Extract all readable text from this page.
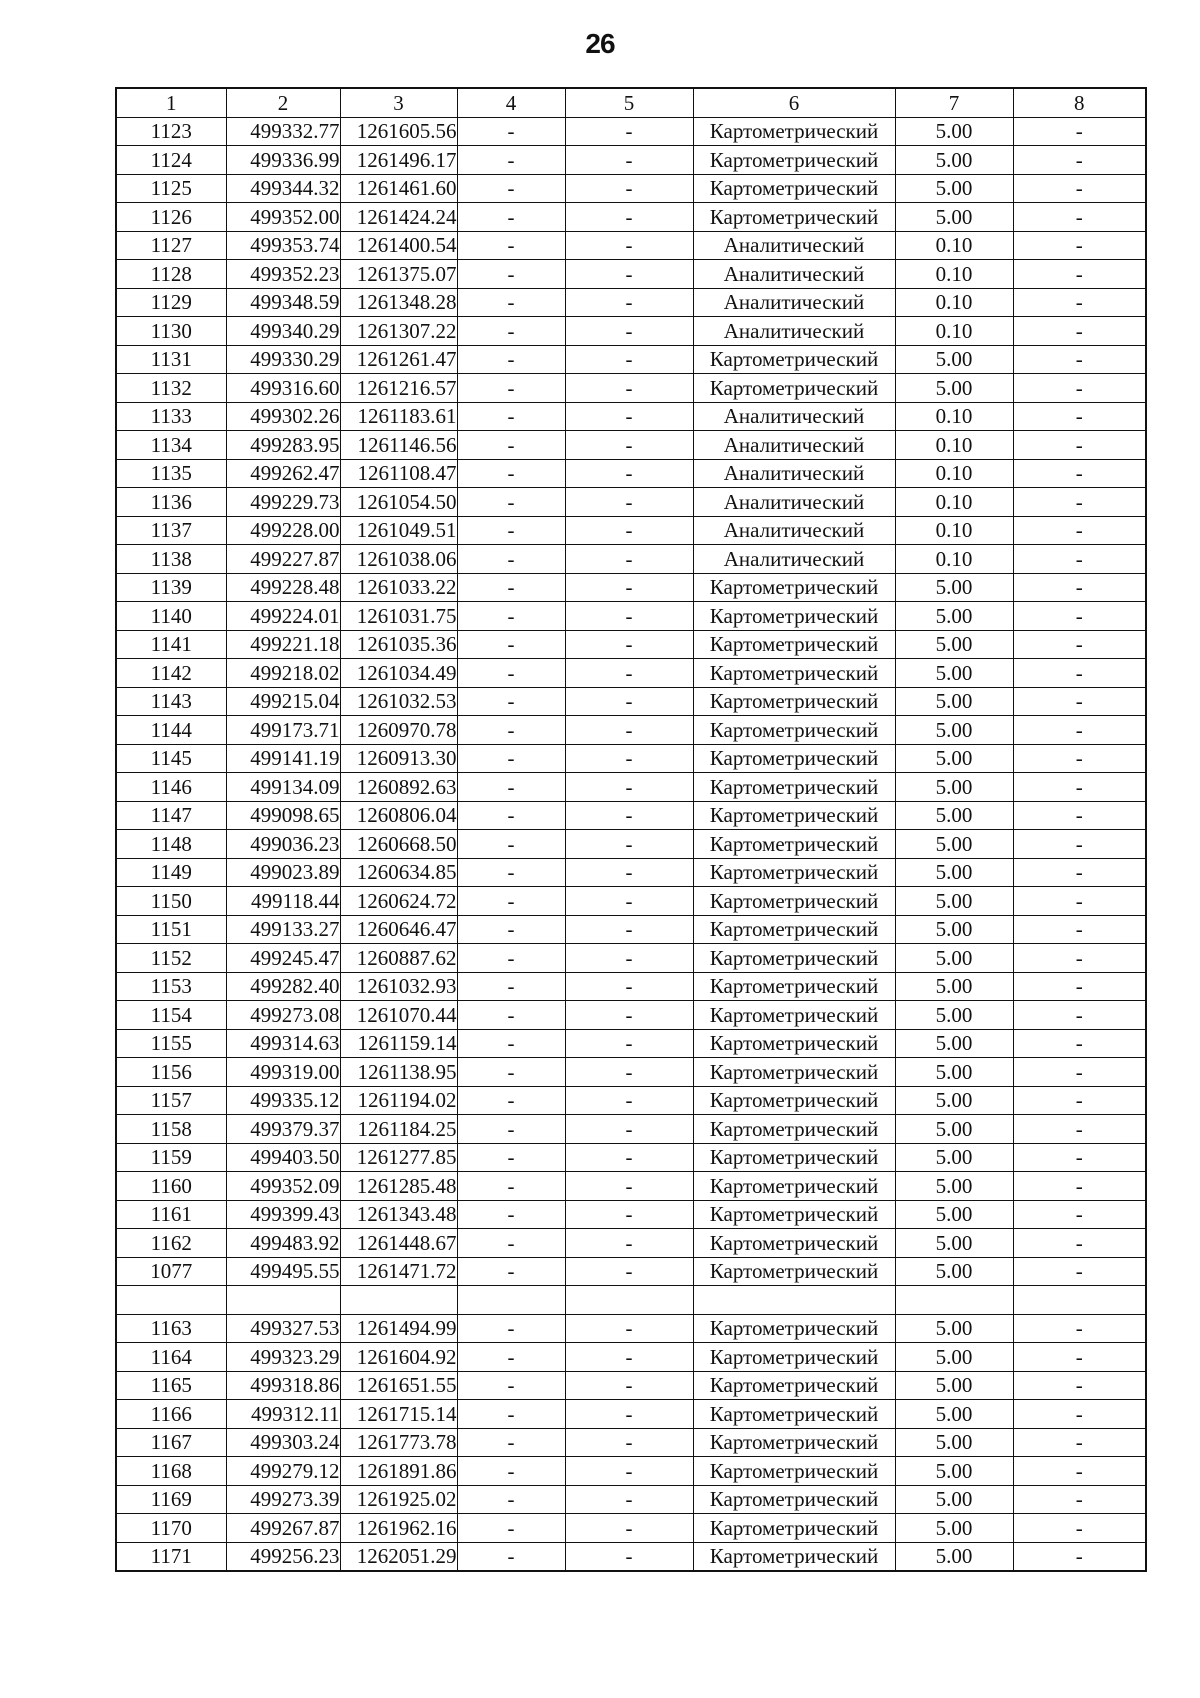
26
1	2	3	4	5	6	7	8
1123	499332.77	1261605.56	-	-	Картометрический	5.00	-
1124	499336.99	1261496.17	-	-	Картометрический	5.00	-
1125	499344.32	1261461.60	-	-	Картометрический	5.00	-
1126	499352.00	1261424.24	-	-	Картометрический	5.00	-
1127	499353.74	1261400.54	-	-	Аналитический	0.10	-
1128	499352.23	1261375.07	-	-	Аналитический	0.10	-
1129	499348.59	1261348.28	-	-	Аналитический	0.10	-
1130	499340.29	1261307.22	-	-	Аналитический	0.10	-
1131	499330.29	1261261.47	-	-	Картометрический	5.00	-
1132	499316.60	1261216.57	-	-	Картометрический	5.00	-
1133	499302.26	1261183.61	-	-	Аналитический	0.10	-
1134	499283.95	1261146.56	-	-	Аналитический	0.10	-
1135	499262.47	1261108.47	-	-	Аналитический	0.10	-
1136	499229.73	1261054.50	-	-	Аналитический	0.10	-
1137	499228.00	1261049.51	-	-	Аналитический	0.10	-
1138	499227.87	1261038.06	-	-	Аналитический	0.10	-
1139	499228.48	1261033.22	-	-	Картометрический	5.00	-
1140	499224.01	1261031.75	-	-	Картометрический	5.00	-
1141	499221.18	1261035.36	-	-	Картометрический	5.00	-
1142	499218.02	1261034.49	-	-	Картометрический	5.00	-
1143	499215.04	1261032.53	-	-	Картометрический	5.00	-
1144	499173.71	1260970.78	-	-	Картометрический	5.00	-
1145	499141.19	1260913.30	-	-	Картометрический	5.00	-
1146	499134.09	1260892.63	-	-	Картометрический	5.00	-
1147	499098.65	1260806.04	-	-	Картометрический	5.00	-
1148	499036.23	1260668.50	-	-	Картометрический	5.00	-
1149	499023.89	1260634.85	-	-	Картометрический	5.00	-
1150	499118.44	1260624.72	-	-	Картометрический	5.00	-
1151	499133.27	1260646.47	-	-	Картометрический	5.00	-
1152	499245.47	1260887.62	-	-	Картометрический	5.00	-
1153	499282.40	1261032.93	-	-	Картометрический	5.00	-
1154	499273.08	1261070.44	-	-	Картометрический	5.00	-
1155	499314.63	1261159.14	-	-	Картометрический	5.00	-
1156	499319.00	1261138.95	-	-	Картометрический	5.00	-
1157	499335.12	1261194.02	-	-	Картометрический	5.00	-
1158	499379.37	1261184.25	-	-	Картометрический	5.00	-
1159	499403.50	1261277.85	-	-	Картометрический	5.00	-
1160	499352.09	1261285.48	-	-	Картометрический	5.00	-
1161	499399.43	1261343.48	-	-	Картометрический	5.00	-
1162	499483.92	1261448.67	-	-	Картометрический	5.00	-
1077	499495.55	1261471.72	-	-	Картометрический	5.00	-

1163	499327.53	1261494.99	-	-	Картометрический	5.00	-
1164	499323.29	1261604.92	-	-	Картометрический	5.00	-
1165	499318.86	1261651.55	-	-	Картометрический	5.00	-
1166	499312.11	1261715.14	-	-	Картометрический	5.00	-
1167	499303.24	1261773.78	-	-	Картометрический	5.00	-
1168	499279.12	1261891.86	-	-	Картометрический	5.00	-
1169	499273.39	1261925.02	-	-	Картометрический	5.00	-
1170	499267.87	1261962.16	-	-	Картометрический	5.00	-
1171	499256.23	1262051.29	-	-	Картометрический	5.00	-
